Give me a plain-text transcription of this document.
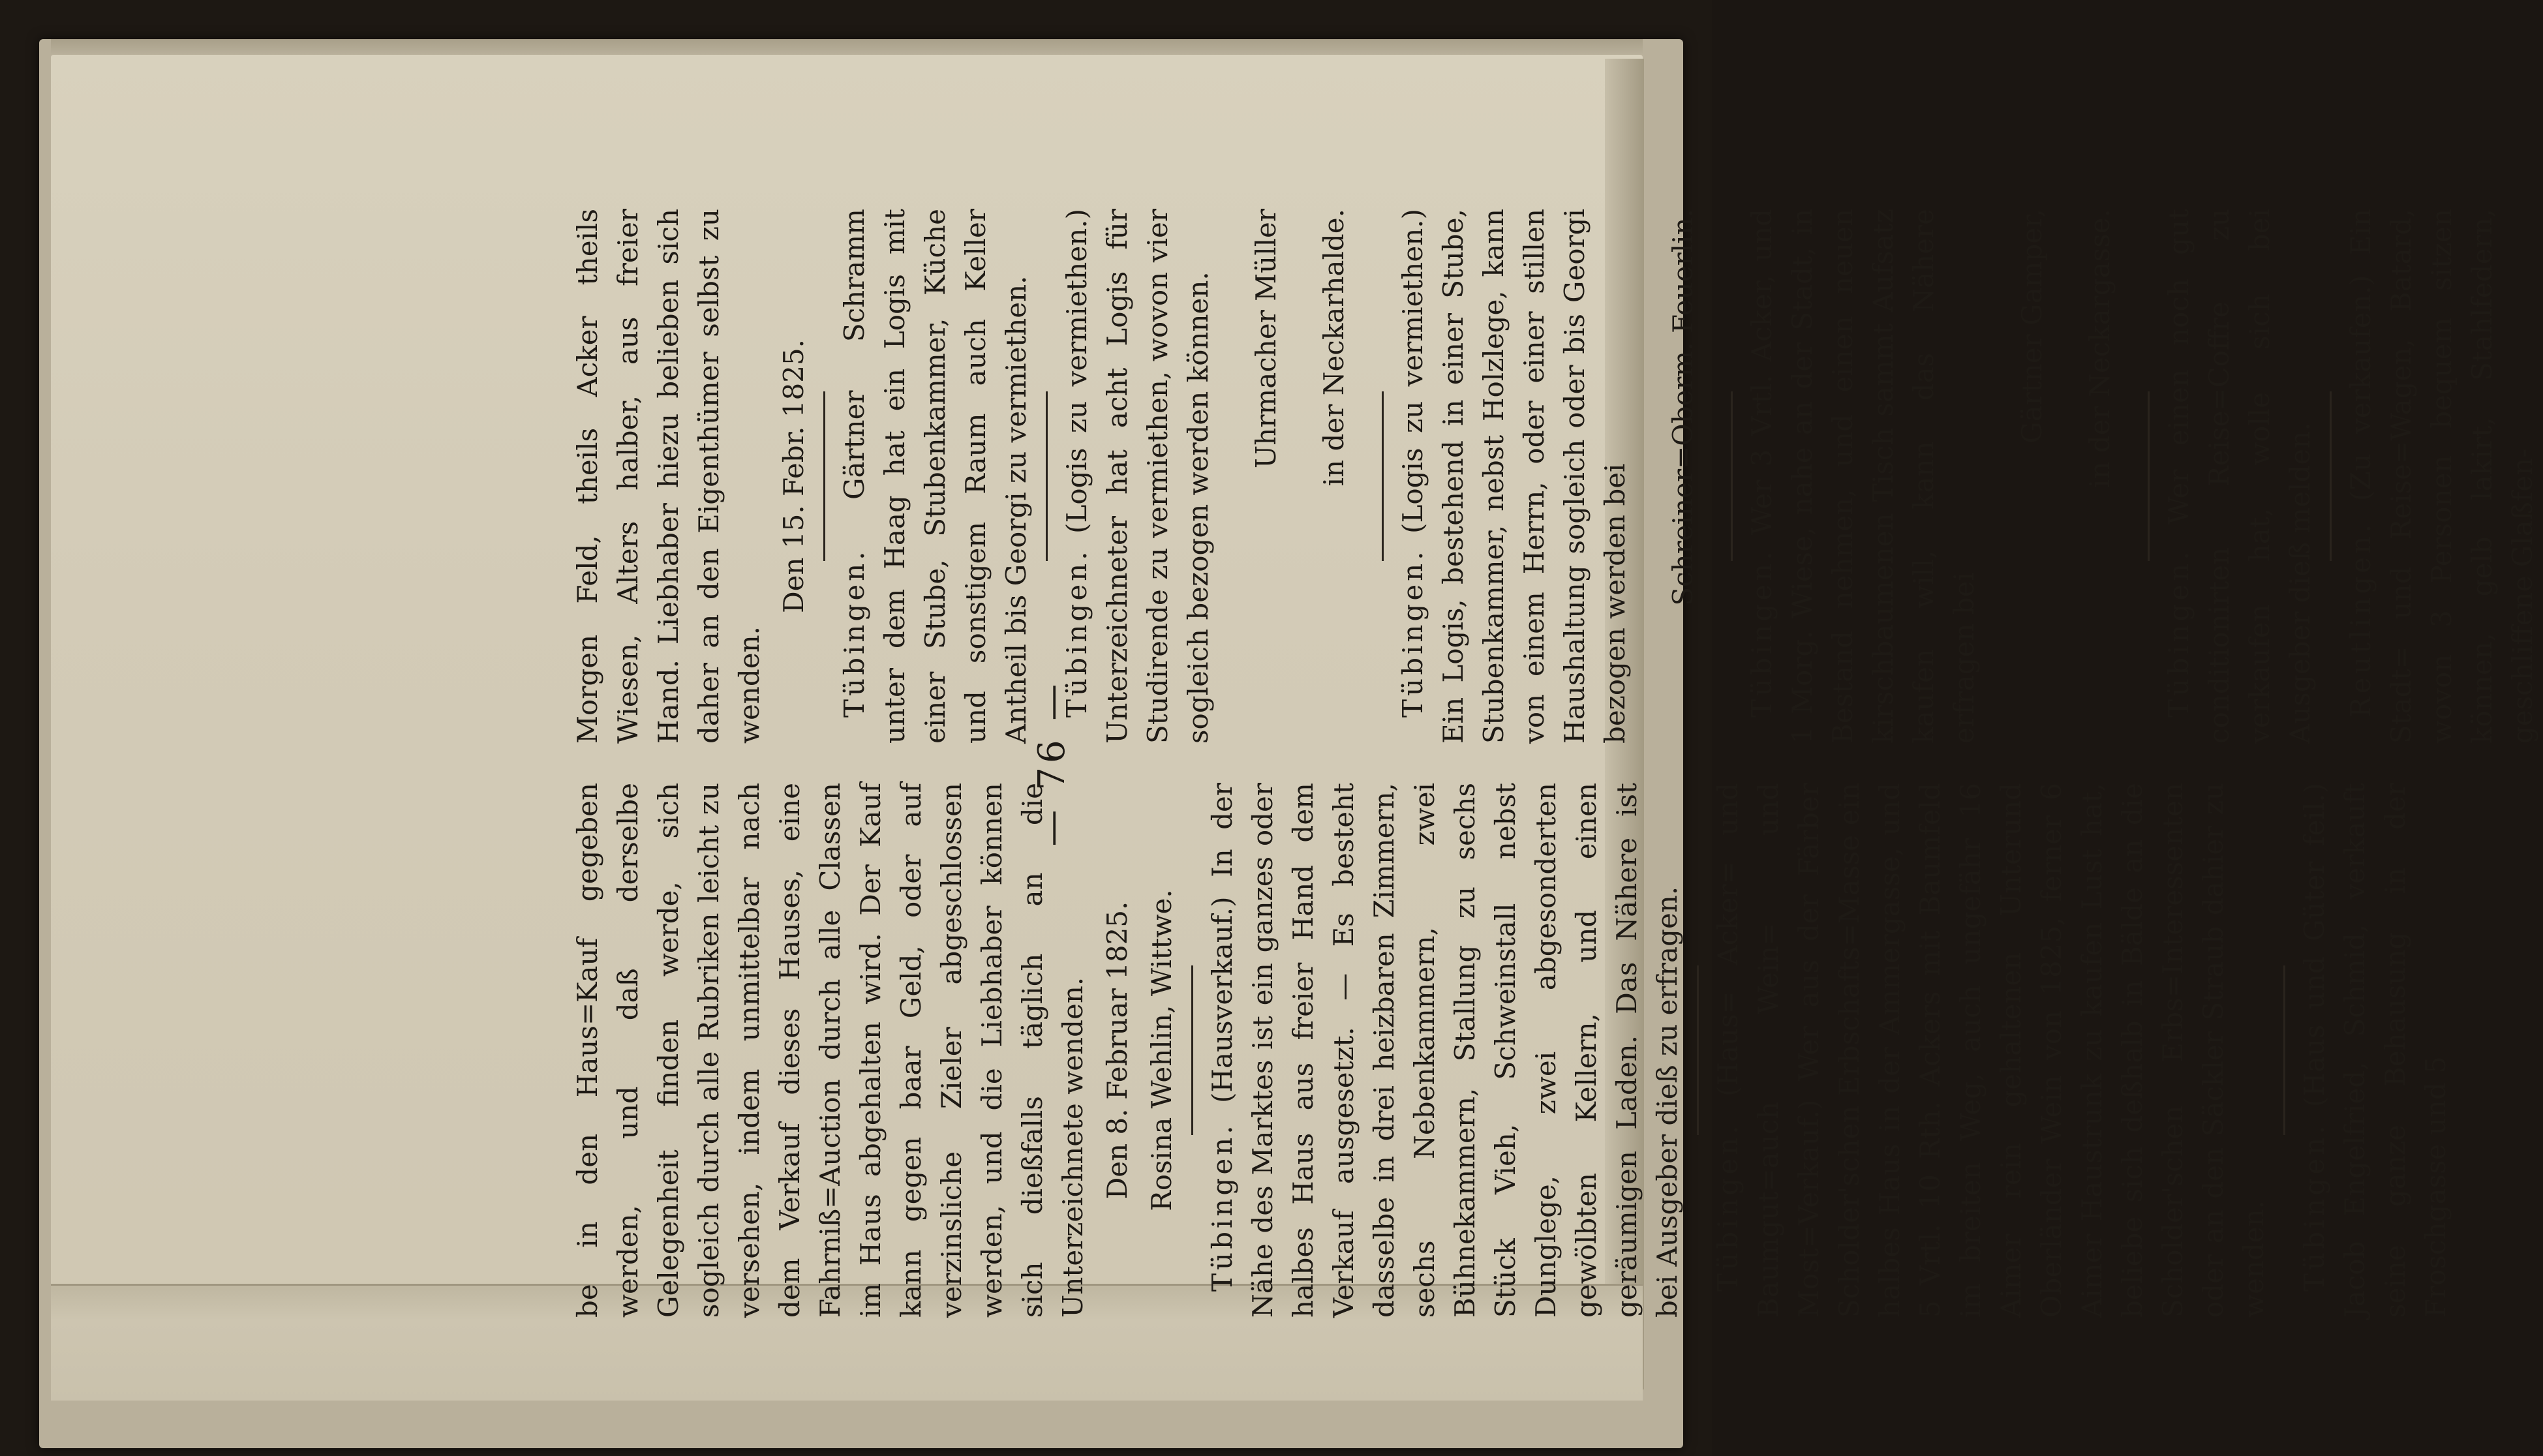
— 76 —

be in den Haus=Kauf gegeben werden, und daß derselbe Gelegenheit finden werde, sich sogleich durch alle Rubriken leicht zu versehen, indem unmittelbar nach dem Verkauf dieses Hauses, eine Fahrniß=Auction durch alle Classen im Haus abgehalten wird. Der Kauf kann gegen baar Geld, oder auf verzinsliche Zieler abgeschlossen werden, und die Liebhaber können sich dießfalls täglich an die Unterzeichnete wenden. Den 8. Februar 1825. Rosina Wehlin, Wittwe. Tübingen. (Hausverkauf.) In der Nähe des Marktes ist ein ganzes oder halbes Haus aus freier Hand dem Verkauf ausgesetzt. — Es besteht dasselbe in drei heizbaren Zimmern, sechs Nebenkammern, zwei Bühnekammern, Stallung zu sechs Stück Vieh, Schweinstall nebst Dunglege, zwei abgesonderten gewölbten Kellern, und einen geräumigen Laden. Das Nähere ist bei Ausgeber dieß zu erfragen. Tübingen. (Haus= Acker= und Baumgut=auch Wein= und Most=Verkauf.) Wer aus der Färber Scholder'schen Erbschafts=Masse ein halbes Haus in der Ammergasse, und 5 Vrtl. 10 Rth. Ackers mit Baumfeld im breiten Weg, auch ungefähr 16 Aimer rein gehaltenen Unterund Oberländer Wein von 1825, ferner 6 Aimer Haustrunk zu kaufen Lust hat, beliebe sich deßhalb in Bälde an die Scholder'schen Erbs=Interessenten oder an den Säckler Straub dahier zu wenden. Tübingen. (Haus und Güter feil.) Jacob Engelfried, Schmid, verkauft seine ganze Behausung in der Froschgasse und 5

Morgen Feld, theils Acker theils Wiesen, Alters halber, aus freier Hand. Liebhaber hiezu belieben sich daher an den Eigenthümer selbst zu wenden.

Den 15. Febr. 1825.

Tübingen. Gärtner Schramm unter dem Haag hat ein Logis mit einer Stube, Stubenkammer, Küche und sonstigem Raum auch Keller Antheil bis Georgi zu vermiethen. Tübingen. (Logis zu vermiethen.) Unterzeichneter hat acht Logis für Studirende zu vermiethen, wovon vier sogleich bezogen werden können. Uhrmacher Müller in der Neckarhalde.

Tübingen. (Logis zu vermiethen.) Ein Logis, bestehend in einer Stube, Stubenkammer, nebst Holzlege, kann von einem Herrn, oder einer stillen Haushaltung sogleich oder bis Georgi bezogen werden bei Schreiner=Oberm. Feuerlin.

Tübingen. Wer 3 Vrtl. Acker, und 1 Morg. Wiese, nahe an der Stadt, in Bestand nehmen, und einen neuen kirschbaumenen Tisch sammt Aufsatz kaufen will, kann das Nähere erfragen bei

Gärtner Gamper, in der Neckargasse.

Tübingen. Wer einen noch gut conditionirten Reise=Coffre zu verkaufen hat, wolle sich bei Ausgeber dieß melden. Reutlingen. (Zu verkaufen.) Ein Stadt= und Reise=Wagen, Batard, wovon 3 Personen bequem sitzen können, gelb lakirt, Stahlfedern, geschliffene Glaßfen-
